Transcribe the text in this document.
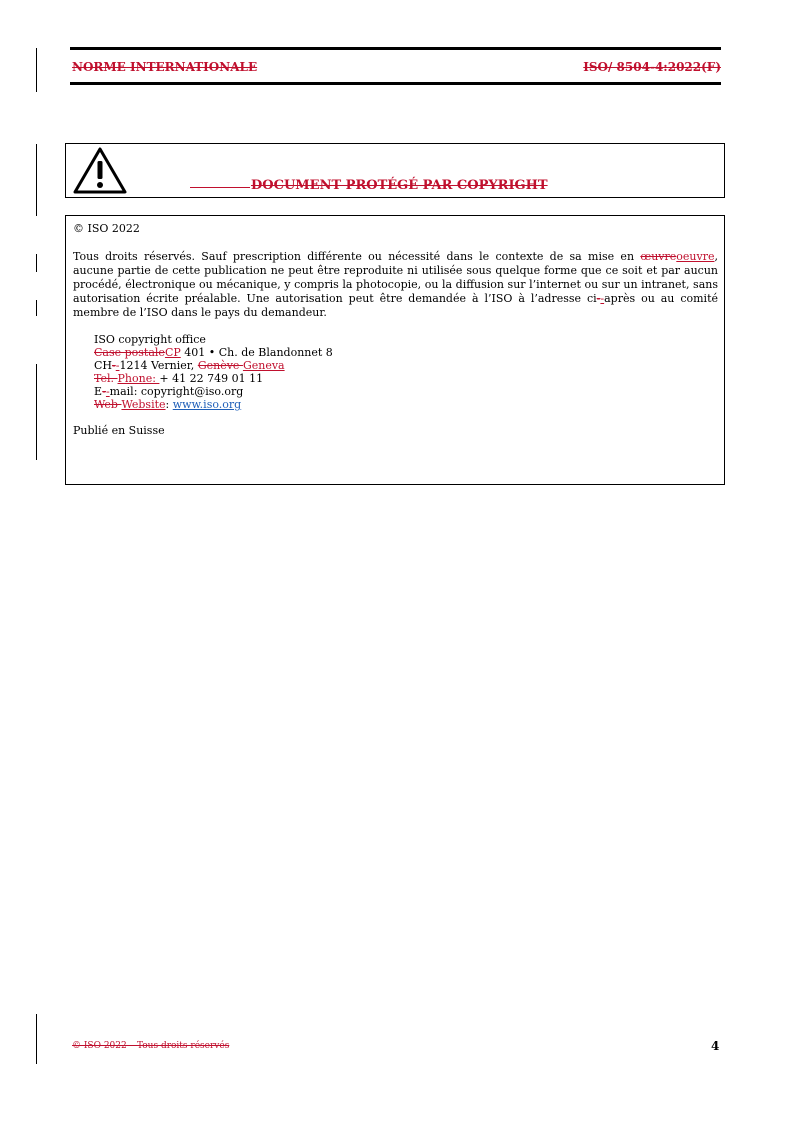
NORME INTERNATIONALE	ISO/ 8504-4:2022(F)
DOCUMENT PROTÉGÉ PAR COPYRIGHT

© ISO 2022

Tous droits réservés. Sauf prescription différente ou nécessité dans le contexte de sa mise en œuvreoeuvre, aucune partie de cette publication ne peut être reproduite ni utilisée sous quelque forme que ce soit et par aucun procédé, électronique ou mécanique, y compris la photocopie, ou la diffusion sur l’internet ou sur un intranet, sans autorisation écrite préalable. Une autorisation peut être demandée à l’ISO à l’adresse ci--après ou au comité membre de l’ISO dans le pays du demandeur.

ISO copyright office
Case postaleCP 401 • Ch. de Blandonnet 8
CH--1214 Vernier, Genève Geneva
Tel. Phone: + 41 22 749 01 11
E--mail: copyright@iso.org
Web Website: www.iso.org

Publié en Suisse

© ISO 2022 – Tous droits réservés	4
